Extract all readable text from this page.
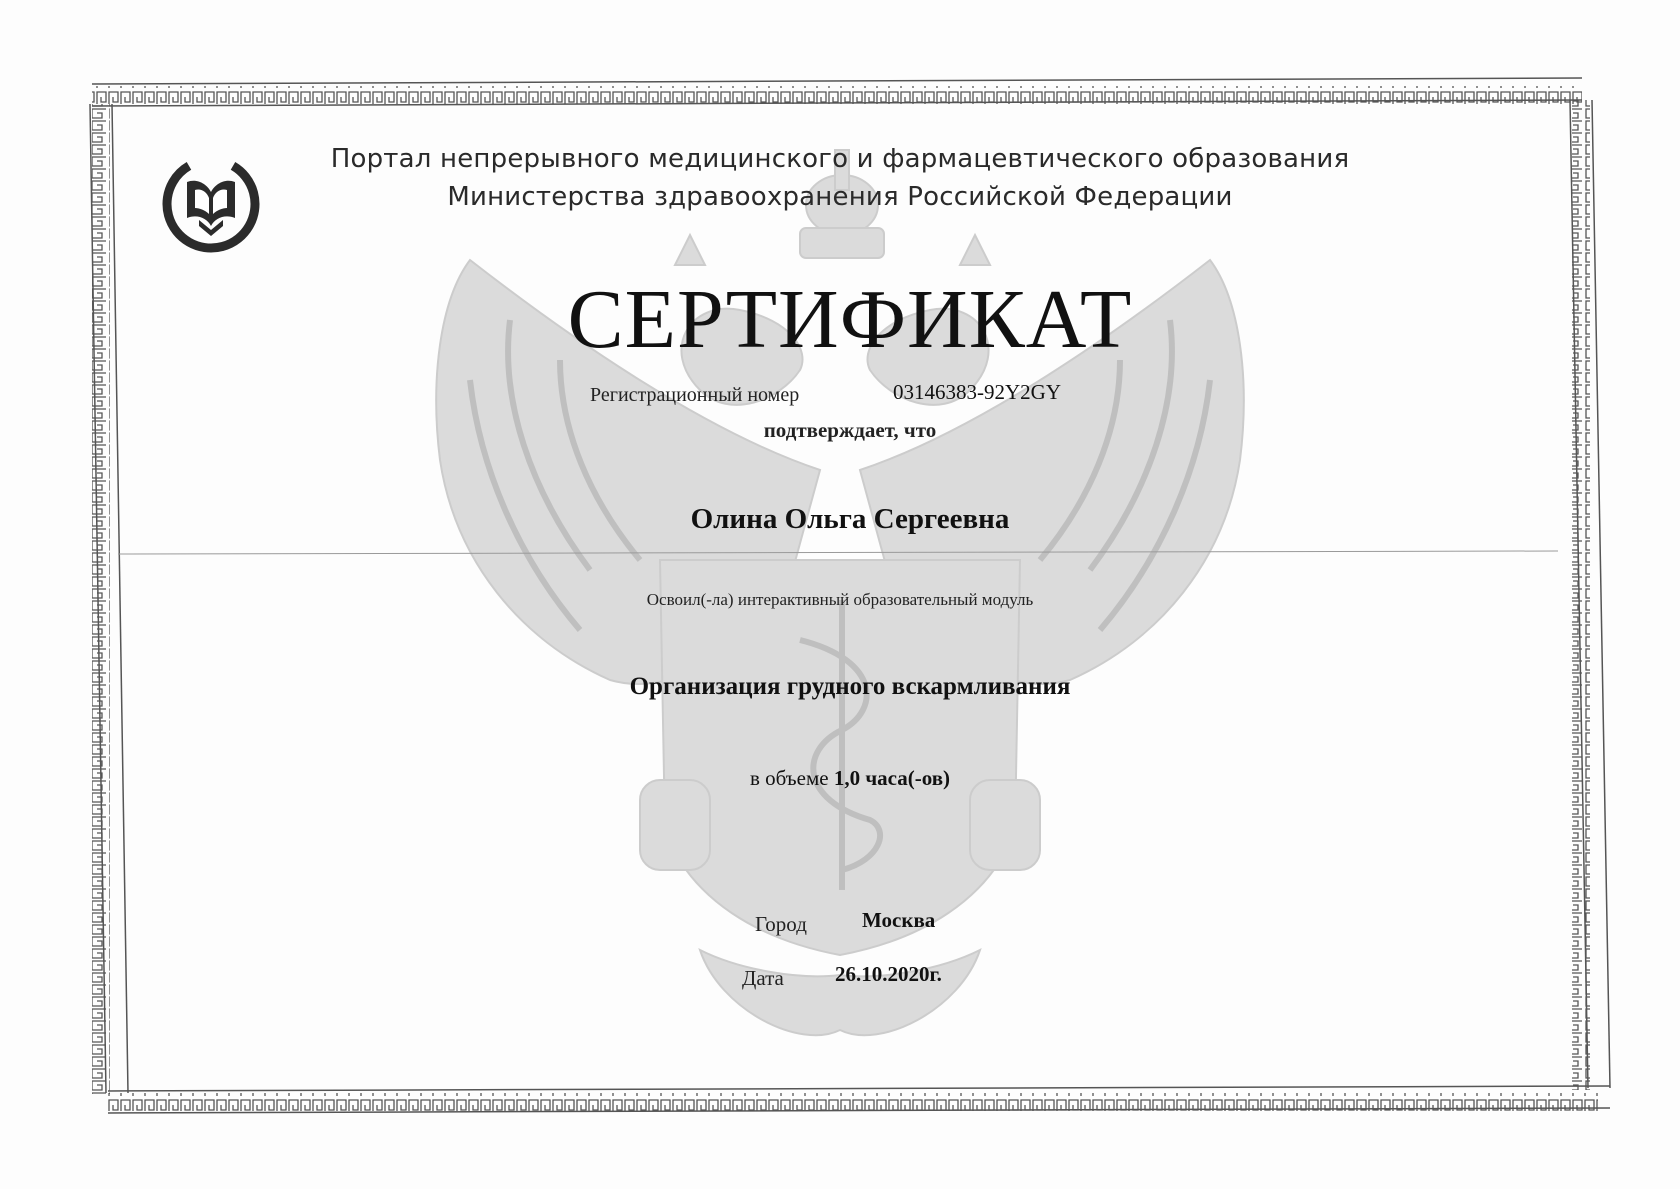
Портал непрерывного медицинского и фармацевтического образования
Министерства здравоохранения Российской Федерации
СЕРТИФИКАТ
Регистрационный номер	03146383-92Y2GY
подтверждает, что
Олина Ольга Сергеевна
Освоил(-ла) интерактивный образовательный модуль
Организация грудного вскармливания
в объеме 1,0 часа(-ов)
Город	Москва
Дата 26.10.2020г.
